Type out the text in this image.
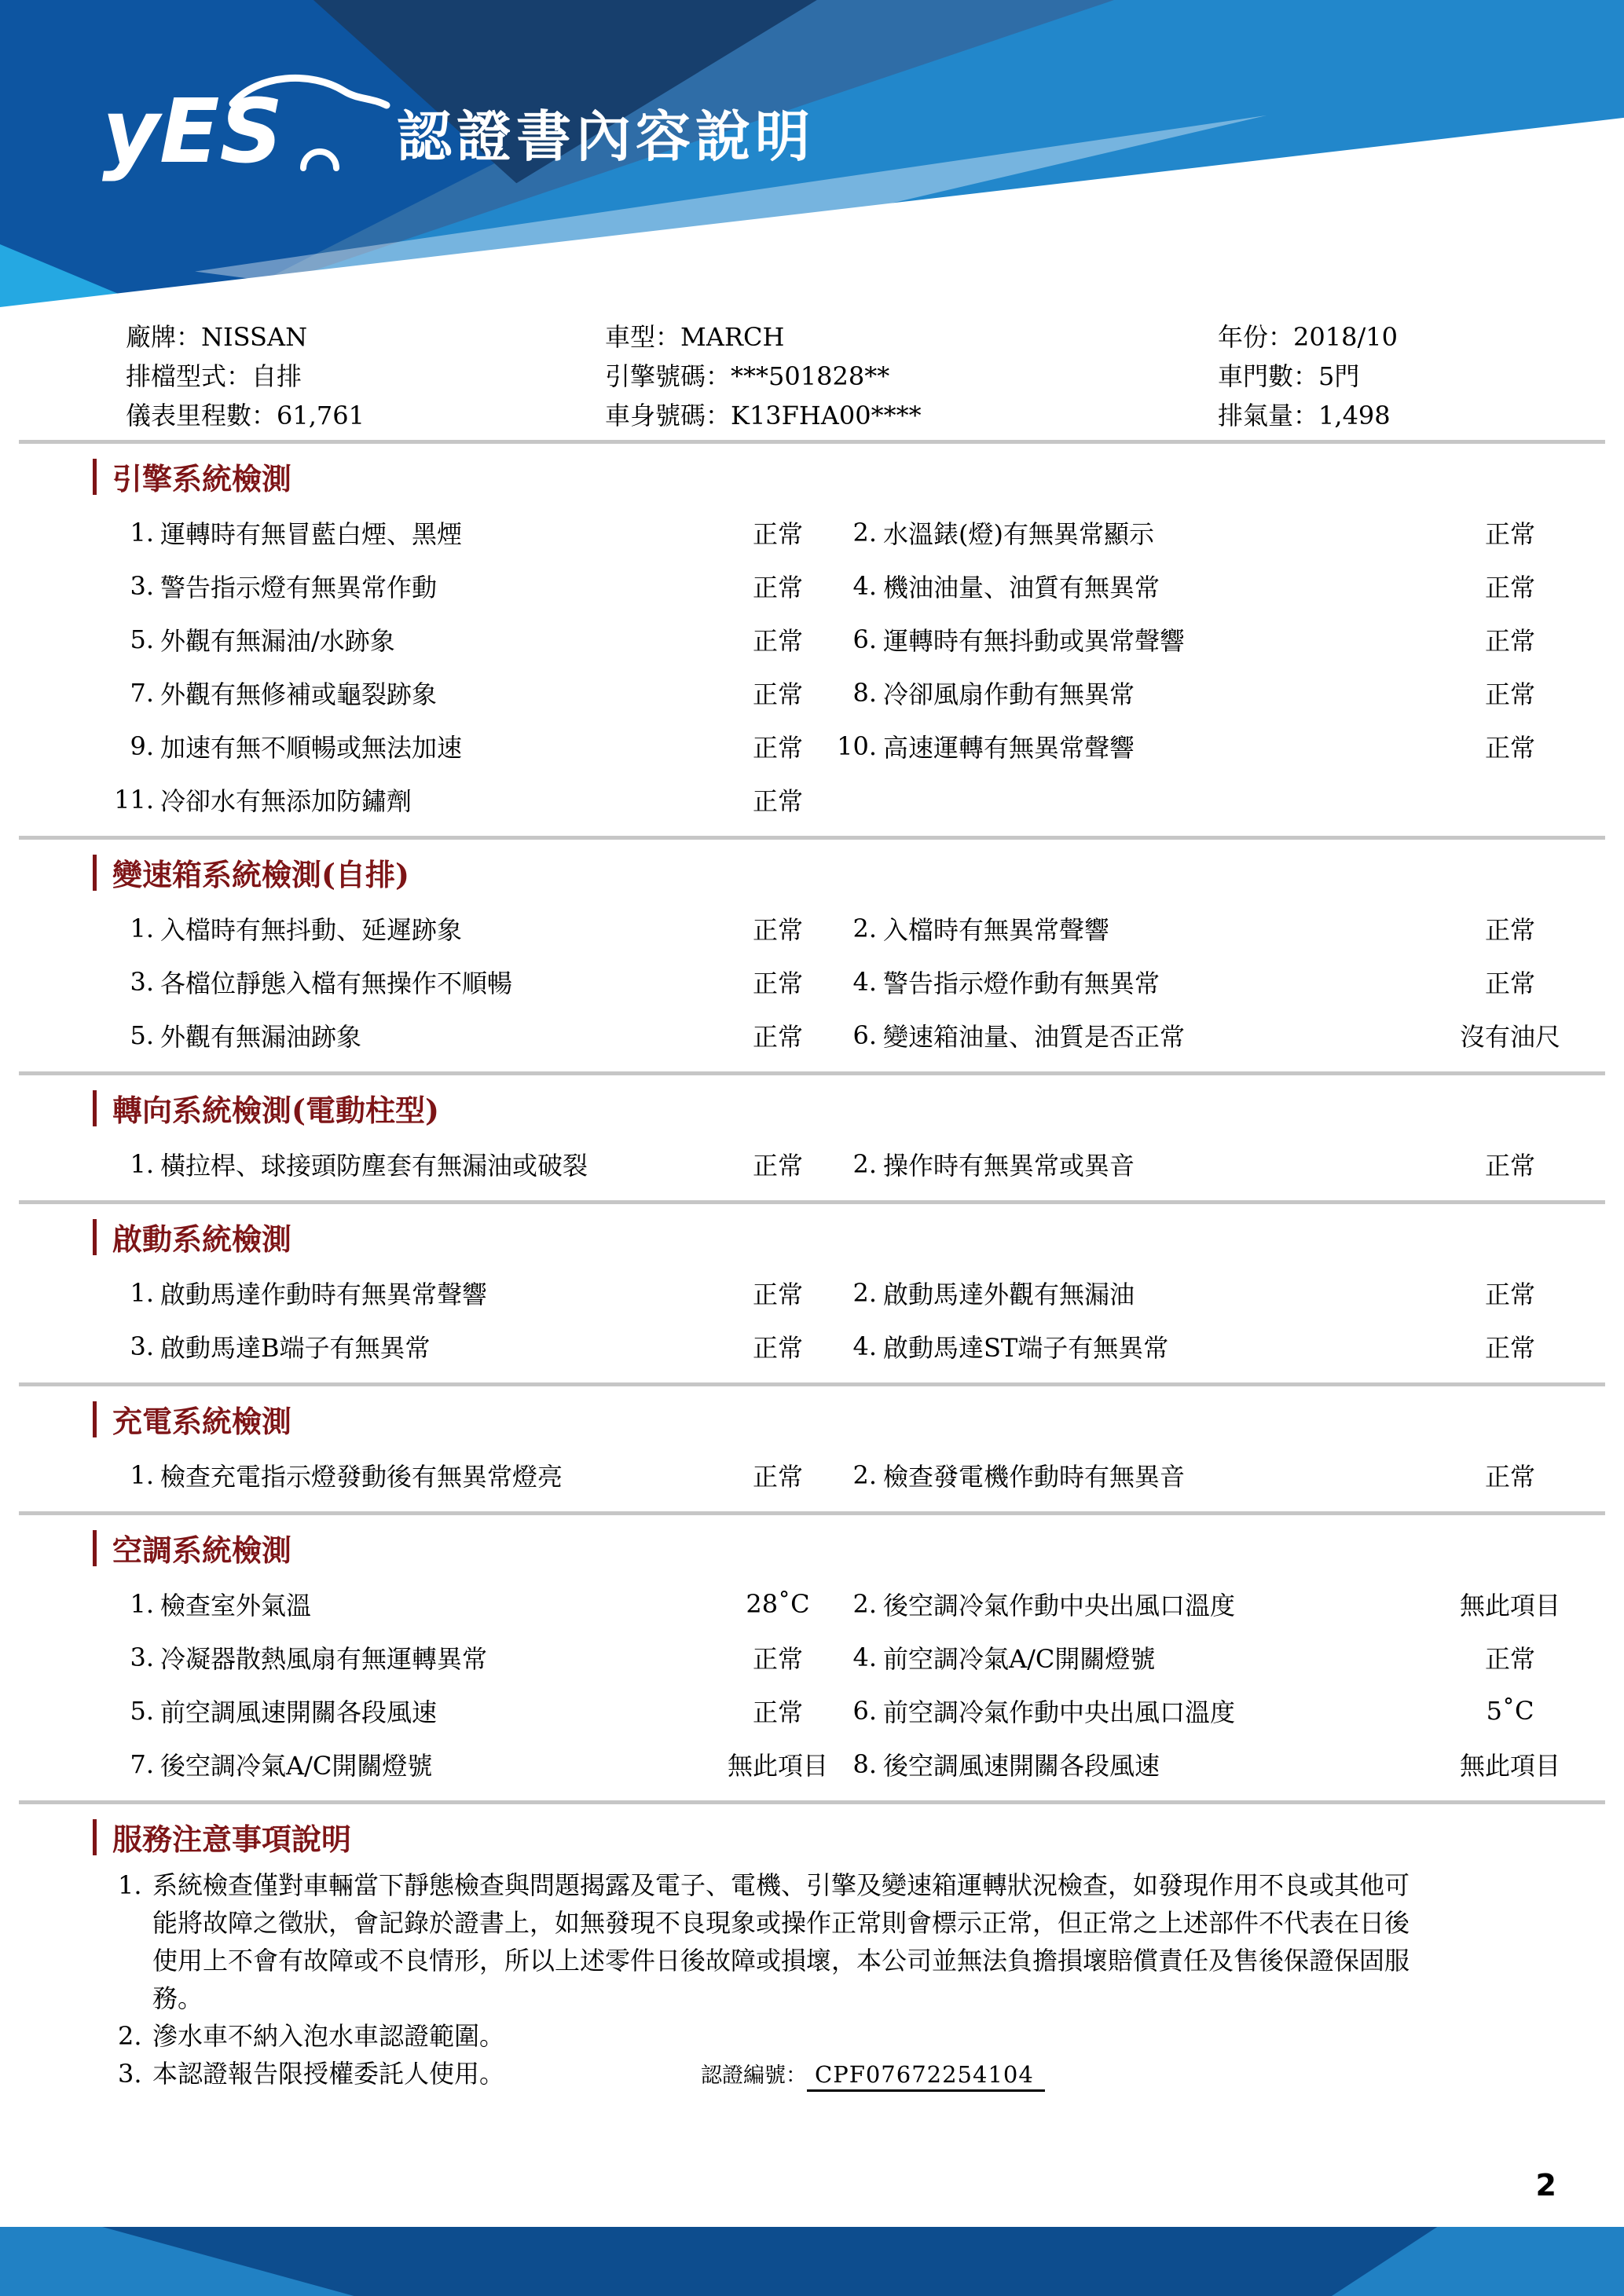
yES 認證書內容說明
廠牌：NISSAN	車型：MARCH	年份：2018/10
排檔型式：自排	引擎號碼：***501828**	車門數：5門
儀表里程數：61,761	車身號碼：K13FHA00****	排氣量：1,498
引擎系統檢測
1. 運轉時有無冒藍白煙、黑煙	正常	2. 水溫錶(燈)有無異常顯示	正常
3. 警告指示燈有無異常作動	正常	4. 機油油量、油質有無異常	正常
5. 外觀有無漏油/水跡象	正常	6. 運轉時有無抖動或異常聲響	正常
7. 外觀有無修補或龜裂跡象	正常	8. 冷卻風扇作動有無異常	正常
9. 加速有無不順暢或無法加速	正常	10. 高速運轉有無異常聲響	正常
11. 冷卻水有無添加防鏽劑	正常
變速箱系統檢測(自排)
1. 入檔時有無抖動、延遲跡象	正常	2. 入檔時有無異常聲響	正常
3. 各檔位靜態入檔有無操作不順暢	正常	4. 警告指示燈作動有無異常	正常
5. 外觀有無漏油跡象	正常	6. 變速箱油量、油質是否正常	沒有油尺
轉向系統檢測(電動柱型)
1. 橫拉桿、球接頭防塵套有無漏油或破裂	正常	2. 操作時有無異常或異音	正常
啟動系統檢測
1. 啟動馬達作動時有無異常聲響	正常	2. 啟動馬達外觀有無漏油	正常
3. 啟動馬達B端子有無異常	正常	4. 啟動馬達ST端子有無異常	正常
充電系統檢測
1. 檢查充電指示燈發動後有無異常燈亮	正常	2. 檢查發電機作動時有無異音	正常
空調系統檢測
1. 檢查室外氣溫	28˚C	2. 後空調冷氣作動中央出風口溫度	無此項目
3. 冷凝器散熱風扇有無運轉異常	正常	4. 前空調冷氣A/C開關燈號	正常
5. 前空調風速開關各段風速	正常	6. 前空調冷氣作動中央出風口溫度	5˚C
7. 後空調冷氣A/C開關燈號	無此項目 8. 後空調風速開關各段風速	無此項目
服務注意事項說明
1. 系統檢查僅對車輛當下靜態檢查與問題揭露及電子、電機、引擎及變速箱運轉狀況檢查，如發現作用不良或其他可能將故障之徵狀，會記錄於證書上，如無發現不良現象或操作正常則會標示正常，但正常之上述部件不代表在日後使用上不會有故障或不良情形，所以上述零件日後故障或損壞，本公司並無法負擔損壞賠償責任及售後保證保固服務。
2. 滲水車不納入泡水車認證範圍。
3. 本認證報告限授權委託人使用。	認證編號： CPF07672254104
2
